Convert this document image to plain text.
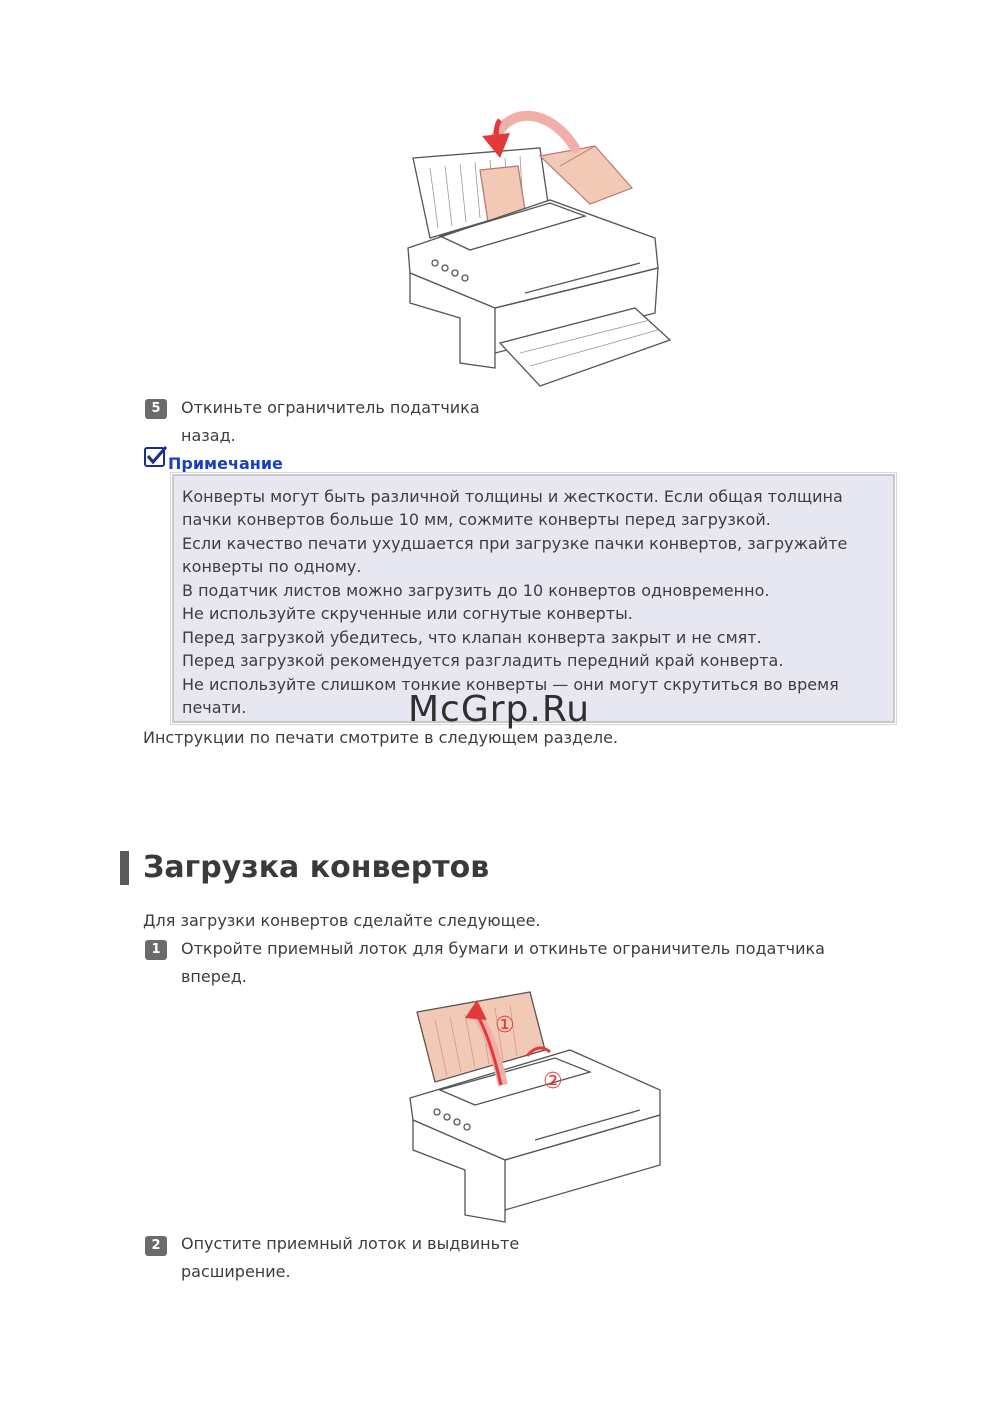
5	Откиньте ограничитель податчика
назад.
Примечание
Конверты могут быть различной толщины и жесткости. Если общая толщина
пачки конвертов больше 10 мм, сожмите конверты перед загрузкой.
Если качество печати ухудшается при загрузке пачки конвертов, загружайте
конверты по одному.
В податчик листов можно загрузить до 10 конвертов одновременно.
Не используйте скрученные или согнутые конверты.
Перед загрузкой убедитесь, что клапан конверта закрыт и не смят.
Перед загрузкой рекомендуется разгладить передний край конверта.
Не используйте слишком тонкие конверты — они могут скрутиться во время
печати.	McGrp.Ru
Инструкции по печати смотрите в следующем разделе.
Загрузка конвертов
Для загрузки конвертов сделайте следующее.
1	Откройте приемный лоток для бумаги и откиньте ограничитель податчика
вперед.
①
②
2	Опустите приемный лоток и выдвиньте
расширение.
